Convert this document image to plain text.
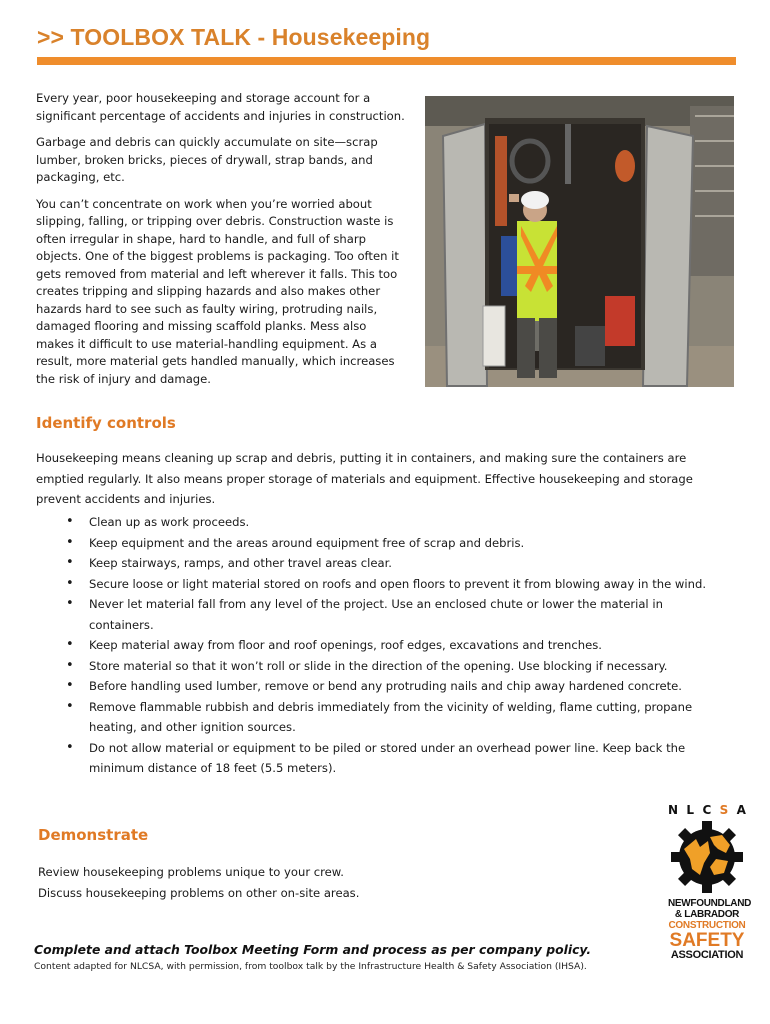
>> TOOLBOX TALK - Housekeeping

Every year, poor housekeeping and storage account for a significant percentage of accidents and injuries in construction.

Garbage and debris can quickly accumulate on site—scrap lumber, broken bricks, pieces of drywall, strap bands, and packaging, etc.

You can’t concentrate on work when you’re worried about slipping, falling, or tripping over debris. Construction waste is often irregular in shape, hard to handle, and full of sharp objects. One of the biggest problems is packaging. Too often it gets removed from material and left wherever it falls. This too creates tripping and slipping hazards and also makes other hazards hard to see such as faulty wiring, protruding nails, damaged flooring and missing scaffold planks. Mess also makes it difficult to use material-handling equipment. As a result, more material gets handled manually, which increases the risk of injury and damage.

Identify controls
Housekeeping means cleaning up scrap and debris, putting it in containers, and making sure the containers are emptied regularly. It also means proper storage of materials and equipment. Effective housekeeping and storage prevent accidents and injuries.
• Clean up as work proceeds.
• Keep equipment and the areas around equipment free of scrap and debris.
• Keep stairways, ramps, and other travel areas clear.
• Secure loose or light material stored on roofs and open floors to prevent it from blowing away in the wind.
• Never let material fall from any level of the project. Use an enclosed chute or lower the material in containers.
• Keep material away from floor and roof openings, roof edges, excavations and trenches.
• Store material so that it won’t roll or slide in the direction of the opening. Use blocking if necessary.
• Before handling used lumber, remove or bend any protruding nails and chip away hardened concrete.
• Remove flammable rubbish and debris immediately from the vicinity of welding, flame cutting, propane heating, and other ignition sources.
• Do not allow material or equipment to be piled or stored under an overhead power line. Keep back the minimum distance of 18 feet (5.5 meters).
Demonstrate

Review housekeeping problems unique to your crew.

Discuss housekeeping problems on other on-site areas.

Complete and attach Toolbox Meeting Form and process as per company policy.
Content adapted for NLCSA, with permission, from toolbox talk by the Infrastructure Health & Safety Association (IHSA).
N L C S A
NEWFOUNDLAND
& LABRADOR
CONSTRUCTION
SAFETY
ASSOCIATION
